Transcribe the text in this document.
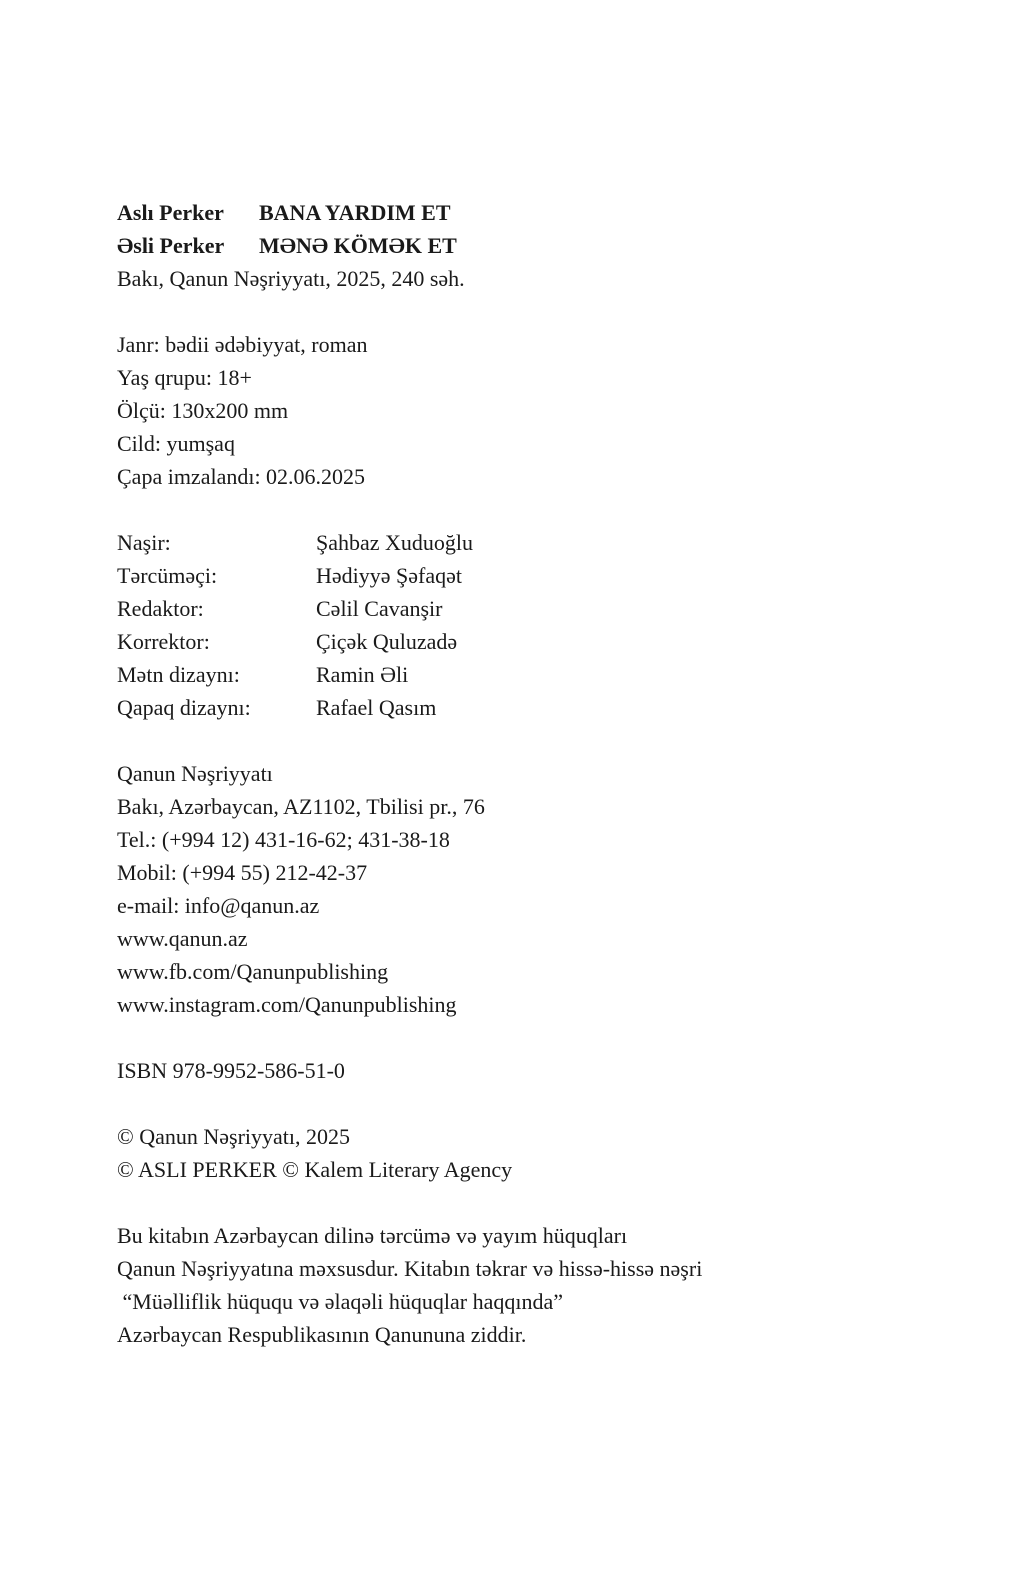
Aslı Perker BANA YARDIM ET
Əsli Perker MƏNƏ KÖMƏK ET
Bakı, Qanun Nəşriyyatı, 2025, 240 səh.
Janr: bədii ədəbiyyat, roman
Yaş qrupu: 18+
Ölçü: 130x200 mm
Cild: yumşaq
Çapa imzalandı: 02.06.2025
Naşir:	Şahbaz Xuduoğlu
Tərcüməçi:	Hədiyyə Şəfaqət
Redaktor:	Cəlil Cavanşir
Korrektor:	Çiçək Quluzadə
Mətn dizaynı:	Ramin Əli
Qapaq dizaynı:	Rafael Qasım
Qanun Nəşriyyatı
Bakı, Azərbaycan, AZ1102, Tbilisi pr., 76
Tel.: (+994 12) 431-16-62; 431-38-18
Mobil: (+994 55) 212-42-37
e-mail: info@qanun.az
www.qanun.az
www.fb.com/Qanunpublishing
www.instagram.com/Qanunpublishing
ISBN 978-9952-586-51-0
© Qanun Nəşriyyatı, 2025
© ASLI PERKER © Kalem Literary Agency
Bu kitabın Azərbaycan dilinə tərcümə və yayım hüquqları
Qanun Nəşriyyatına məxsusdur. Kitabın təkrar və hissə-hissə nəşri
“Müəlliflik hüququ və əlaqəli hüquqlar haqqında”
Azərbaycan Respublikasının Qanununa ziddir.
